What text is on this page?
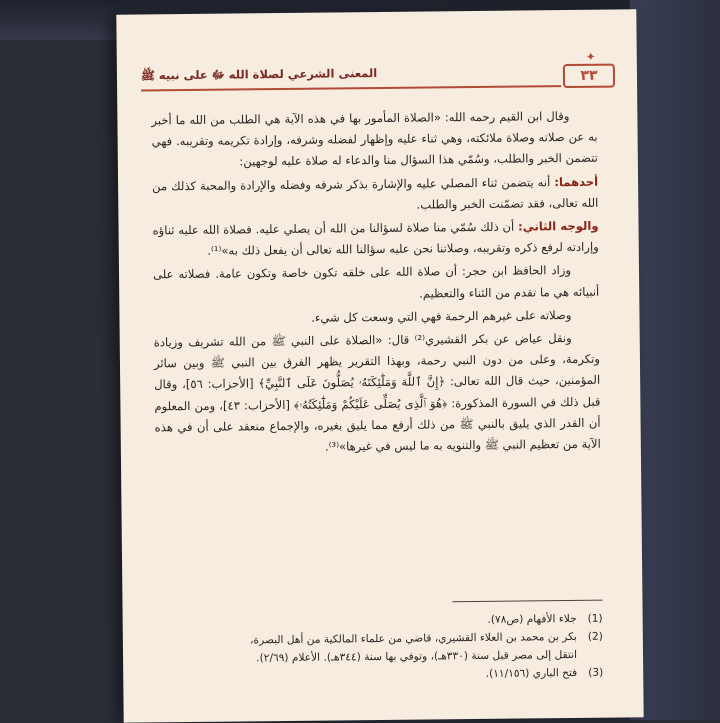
✦
٣٣
المعنى الشرعي لصلاة الله ﷻ على نبيه ﷺ

وقال ابن القيم رحمه الله: «الصلاة المأمور بها في هذه الآية هي الطلب من الله ما أخبر به عن صلاته وصلاة ملائكته، وهي ثناء عليه وإظهار لفضله وشرفه، وإرادة تكريمه وتقريبه. فهي تتضمن الخبر والطلب، وسُمّي هذا السؤال منا والدعاء له صلاة عليه لوجهين:

أحدهما: أنه يتضمن ثناء المصلي عليه والإشارة بذكر شرفه وفضله والإرادة والمحبة كذلك من الله تعالى، فقد تضمّنت الخبر والطلب.

والوجه الثاني: أن ذلك سُمّي منا صلاة لسؤالنا من الله أن يصلي عليه. فصلاة الله عليه ثناؤه وإرادته لرفع ذكره وتقريبه، وصلاتنا نحن عليه سؤالنا الله تعالى أن يفعل ذلك به»⁽¹⁾.

وزاد الحافظ ابن حجر: أن صلاة الله على خلقه تكون خاصة وتكون عامة. فصلاته على أنبيائه هي ما تقدم من الثناء والتعظيم.

وصلاته على غيرهم الرحمة فهي التي وسعت كل شيء.

ونقل عياض عن بكر القشيري⁽²⁾ قال: «الصلاة على النبي ﷺ من الله تشريف وزيادة وتكرمة، وعلى من دون النبي رحمة، وبهذا التقرير يظهر الفرق بين النبي ﷺ وبين سائر المؤمنين، حيث قال الله تعالى: ﴿إِنَّ ٱللَّهَ وَمَلَٰٓئِكَتَهُۥ يُصَلُّونَ عَلَى ٱلنَّبِيِّ﴾ [الأحزاب: ٥٦]، وقال قبل ذلك في السورة المذكورة: ﴿هُوَ ٱلَّذِى يُصَلِّى عَلَيْكُمْ وَمَلَٰٓئِكَتُهُۥ﴾ [الأحزاب: ٤٣]، ومن المعلوم أن القدر الذي يليق بالنبي ﷺ من ذلك أرفع مما يليق بغيره، والإجماع منعقد على أن في هذه الآية من تعظيم النبي ﷺ والتنويه به ما ليس في غيرها»⁽³⁾.

(1)
جلاء الأفهام (ص٧٨).
(2)
بكر بن محمد بن العلاء القشيري، قاضي من علماء المالكية من أهل البصرة،
انتقل إلى مصر قبل سنة (٣٣٠هـ)، وتوفي بها سنة (٣٤٤هـ). الأعلام (٢/٦٩).
(3)
فتح الباري (١١/١٥٦).
